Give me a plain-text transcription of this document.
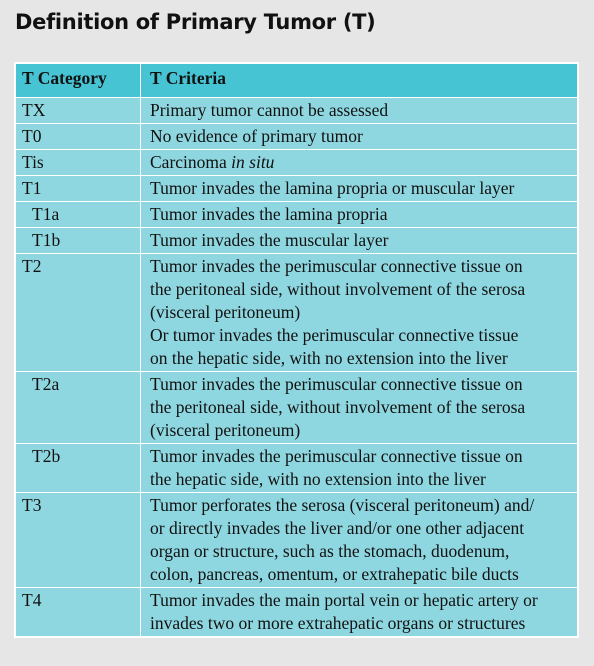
Definition of Primary Tumor (T)
T Category	T Criteria
TX	Primary tumor cannot be assessed

T0	No evidence of primary tumor

Tis	Carcinoma in situ
T1	Tumor invades the lamina propria or muscular layer

T1a	Tumor invades the lamina propria

T1b	Tumor invades the muscular layer

T2	Tumor invades the perimuscular connective tissue on
the peritoneal side, without involvement of the serosa
(visceral peritoneum)
Or tumor invades the perimuscular connective tissue
on the hepatic side, with no extension into the liver

T2a	Tumor invades the perimuscular connective tissue on
the peritoneal side, without involvement of the serosa
(visceral peritoneum)

T2b	Tumor invades the perimuscular connective tissue on
the hepatic side, with no extension into the liver

T3	Tumor perforates the serosa (visceral peritoneum) and/
or directly invades the liver and/or one other adjacent
organ or structure, such as the stomach, duodenum,
colon, pancreas, omentum, or extrahepatic bile ducts

T4	Tumor invades the main portal vein or hepatic artery or
invades two or more extrahepatic organs or structures
